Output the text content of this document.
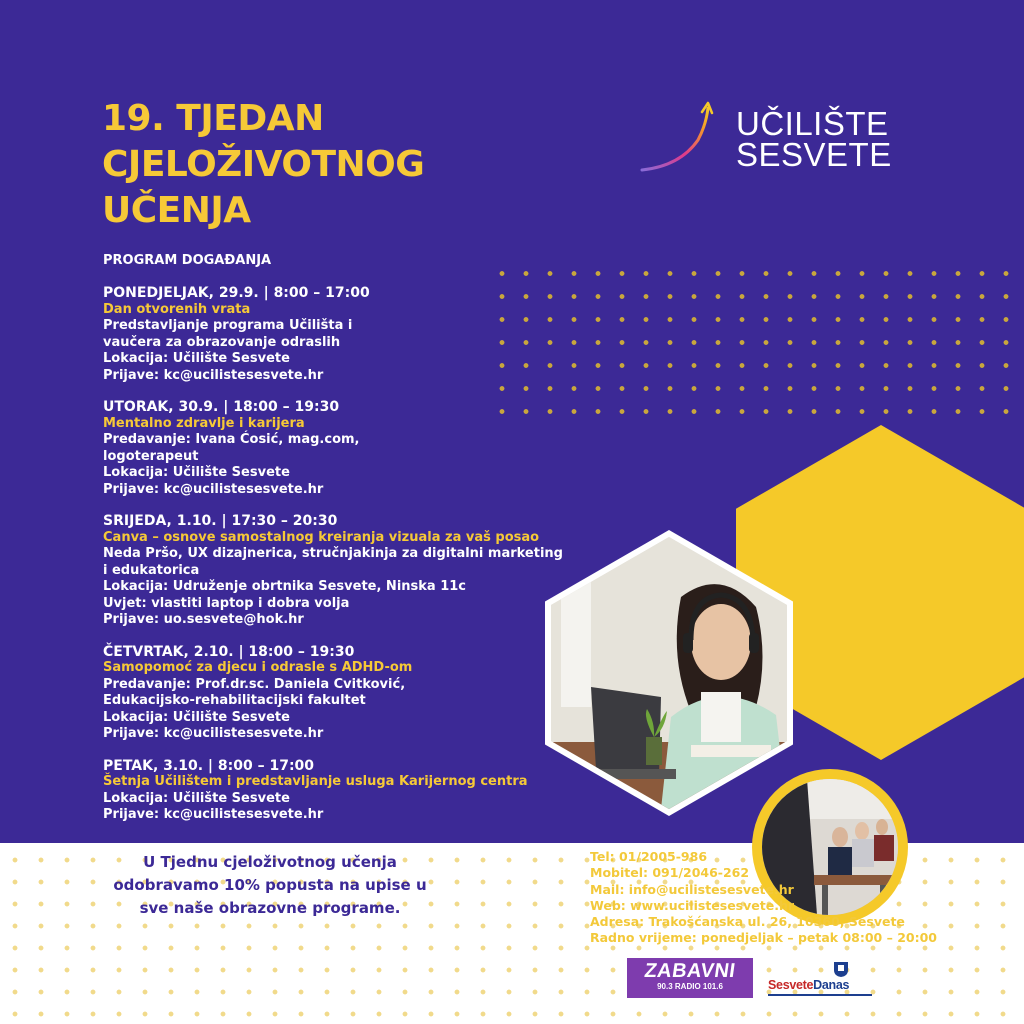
19. TJEDAN CJELOŽIVOTNOG UČENJA
PROGRAM DOGAĐANJA
UČILIŠTE
SESVETE
PONEDJELJAK, 29.9. | 8:00 – 17:00
Dan otvorenih vrata
Predstavljanje programa Učilišta i
vaučera za obrazovanje odraslih
Lokacija: Učilište Sesvete
Prijave: kc@ucilistesesvete.hr
UTORAK, 30.9. | 18:00 – 19:30
Mentalno zdravlje i karijera
Predavanje: Ivana Ćosić, mag.com,
logoterapeut
Lokacija: Učilište Sesvete
Prijave: kc@ucilistesesvete.hr
SRIJEDA, 1.10. | 17:30 – 20:30
Canva – osnove samostalnog kreiranja vizuala za vaš posao
Neda Pršo, UX dizajnerica, stručnjakinja za digitalni marketing
i edukatorica
Lokacija: Udruženje obrtnika Sesvete, Ninska 11c
Uvjet: vlastiti laptop i dobra volja
Prijave: uo.sesvete@hok.hr
ČETVRTAK, 2.10. | 18:00 – 19:30
Samopomoć za djecu i odrasle s ADHD-om
Predavanje: Prof.dr.sc. Daniela Cvitković,
Edukacijsko-rehabilitacijski fakultet
Lokacija: Učilište Sesvete
Prijave: kc@ucilistesesvete.hr
PETAK, 3.10. | 8:00 – 17:00
Šetnja Učilištem i predstavljanje usluga Karijernog centra
Lokacija: Učilište Sesvete
Prijave: kc@ucilistesesvete.hr
U Tjednu cjeloživotnog učenja odobravamo 10% popusta na upise u sve naše obrazovne programe.
Tel: 01/2005-986
Mobitel: 091/2046-262
Mail: info@ucilistesesvete.hr
Web: www.ucilistesesvete.hr
Adresa: Trakošćanska ul. 26, 10360, Sesvete
Radno vrijeme: ponedjeljak – petak 08:00 – 20:00
ZABAVNI
90.3 RADIO 101.6	SesveteDanas
